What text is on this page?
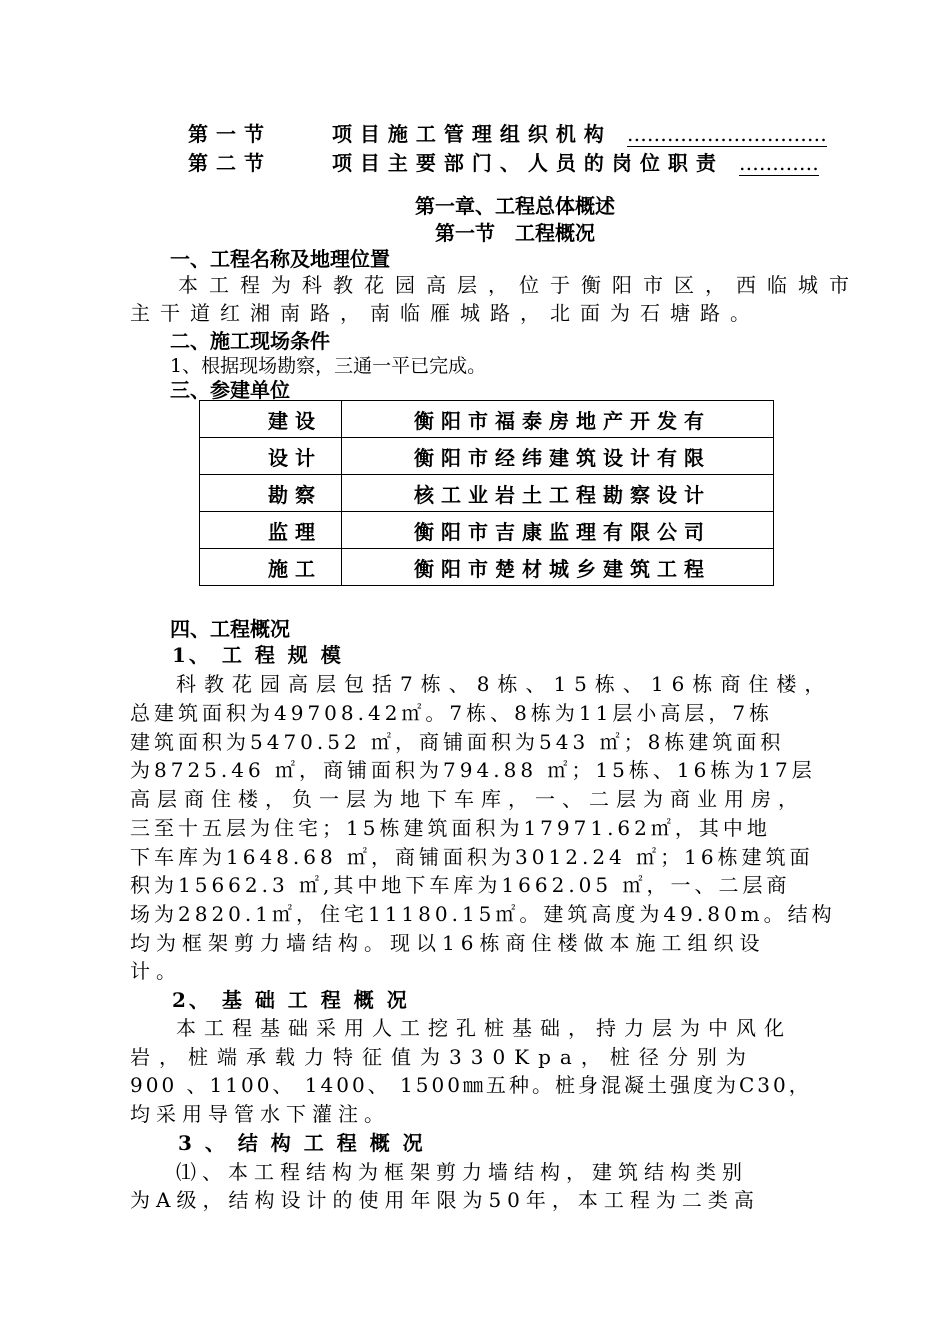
第一节	项目施工管理组织机构 …………………………
第二节	项目主要部门、人员的岗位职责 …………
第一章、工程总体概述
第一节　工程概况
一、工程名称及地理位置
本工程为科教花园高层，位于衡阳市区，西临城市
主干道红湘南路，南临雁城路，北面为石塘路。
二、施工现场条件
1、根据现场勘察，三通一平已完成。
三、参建单位
建设	衡阳市福泰房地产开发有
设计	衡阳市经纬建筑设计有限
勘察	核工业岩土工程勘察设计
监理	衡阳市吉康监理有限公司
施工	衡阳市楚材城乡建筑工程
四、工程概况
1、 工 程 规 模
科教花园高层包括7栋、8栋、15栋、16栋商住楼，
总建筑面积为49708.42㎡。7栋、8栋为11层小高层，7栋
建筑面积为5470.52 ㎡，商铺面积为543 ㎡；8栋建筑面积
为8725.46 ㎡，商铺面积为794.88 ㎡；15栋、16栋为17层
高层商住楼，负一层为地下车库，一、二层为商业用房，
三至十五层为住宅；15栋建筑面积为17971.62㎡，其中地
下车库为1648.68 ㎡，商铺面积为3012.24 ㎡；16栋建筑面
积为15662.3 ㎡,其中地下车库为1662.05 ㎡，一、二层商
场为2820.1㎡，住宅11180.15㎡。建筑高度为49.80m。结构
均为框架剪力墙结构。现以16栋商住楼做本施工组织设
计。
2、 基 础 工 程 概 况
本工程基础采用人工挖孔桩基础，持力层为中风化
岩，桩端承载力特征值为330Kpa，桩径分别为
900 、1100、 1400、 1500㎜五种。桩身混凝土强度为C30，
均采用导管水下灌注。
3 、 结 构 工 程 概 况
⑴、本工程结构为框架剪力墙结构，建筑结构类别
为A级，结构设计的使用年限为50年，本工程为二类高
